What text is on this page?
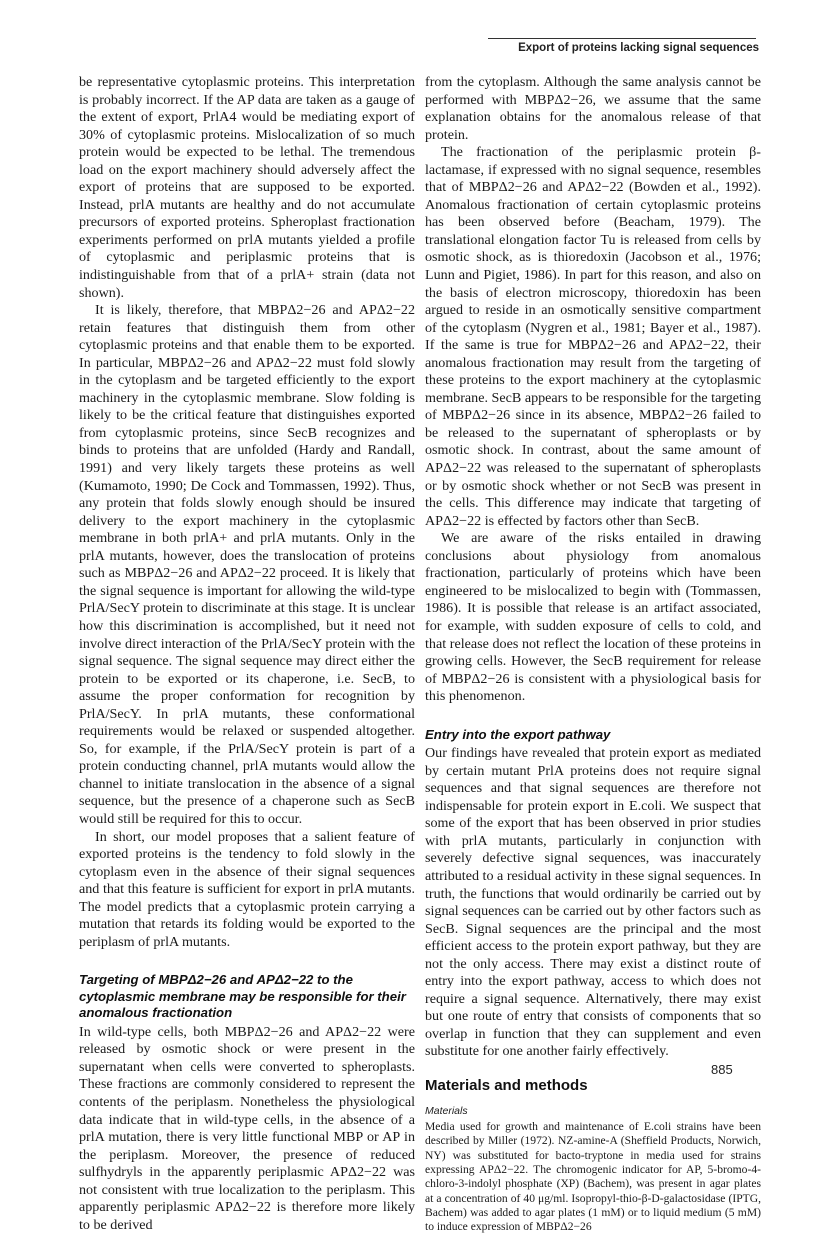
Export of proteins lacking signal sequences

be representative cytoplasmic proteins. This interpretation is probably incorrect. If the AP data are taken as a gauge of the extent of export, PrlA4 would be mediating export of 30% of cytoplasmic proteins. Mislocalization of so much protein would be expected to be lethal. The tremendous load on the export machinery should adversely affect the export of proteins that are supposed to be exported. Instead, prlA mutants are healthy and do not accumulate precursors of exported proteins. Spheroplast fractionation experiments performed on prlA mutants yielded a profile of cytoplasmic and periplasmic proteins that is indistinguishable from that of a prlA+ strain (data not shown).

It is likely, therefore, that MBPΔ2−26 and APΔ2−22 retain features that distinguish them from other cytoplasmic proteins and that enable them to be exported. In particular, MBPΔ2−26 and APΔ2−22 must fold slowly in the cytoplasm and be targeted efficiently to the export machinery in the cytoplasmic membrane. Slow folding is likely to be the critical feature that distinguishes exported from cytoplasmic proteins, since SecB recognizes and binds to proteins that are unfolded (Hardy and Randall, 1991) and very likely targets these proteins as well (Kumamoto, 1990; De Cock and Tommassen, 1992). Thus, any protein that folds slowly enough should be insured delivery to the export machinery in the cytoplasmic membrane in both prlA+ and prlA mutants. Only in the prlA mutants, however, does the translocation of proteins such as MBPΔ2−26 and APΔ2−22 proceed. It is likely that the signal sequence is important for allowing the wild-type PrlA/SecY protein to discriminate at this stage. It is unclear how this discrimination is accomplished, but it need not involve direct interaction of the PrlA/SecY protein with the signal sequence. The signal sequence may direct either the protein to be exported or its chaperone, i.e. SecB, to assume the proper conformation for recognition by PrlA/SecY. In prlA mutants, these conformational requirements would be relaxed or suspended altogether. So, for example, if the PrlA/SecY protein is part of a protein conducting channel, prlA mutants would allow the channel to initiate translocation in the absence of a signal sequence, but the presence of a chaperone such as SecB would still be required for this to occur.

In short, our model proposes that a salient feature of exported proteins is the tendency to fold slowly in the cytoplasm even in the absence of their signal sequences and that this feature is sufficient for export in prlA mutants. The model predicts that a cytoplasmic protein carrying a mutation that retards its folding would be exported to the periplasm of prlA mutants.

Targeting of MBPΔ2−26 and APΔ2−22 to the cytoplasmic membrane may be responsible for their anomalous fractionation

In wild-type cells, both MBPΔ2−26 and APΔ2−22 were released by osmotic shock or were present in the supernatant when cells were converted to spheroplasts. These fractions are commonly considered to represent the contents of the periplasm. Nonetheless the physiological data indicate that in wild-type cells, in the absence of a prlA mutation, there is very little functional MBP or AP in the periplasm. Moreover, the presence of reduced sulfhydryls in the apparently periplasmic APΔ2−22 was not consistent with true localization to the periplasm. This apparently periplasmic APΔ2−22 is therefore more likely to be derived

from the cytoplasm. Although the same analysis cannot be performed with MBPΔ2−26, we assume that the same explanation obtains for the anomalous release of that protein.

The fractionation of the periplasmic protein β-lactamase, if expressed with no signal sequence, resembles that of MBPΔ2−26 and APΔ2−22 (Bowden et al., 1992). Anomalous fractionation of certain cytoplasmic proteins has been observed before (Beacham, 1979). The translational elongation factor Tu is released from cells by osmotic shock, as is thioredoxin (Jacobson et al., 1976; Lunn and Pigiet, 1986). In part for this reason, and also on the basis of electron microscopy, thioredoxin has been argued to reside in an osmotically sensitive compartment of the cytoplasm (Nygren et al., 1981; Bayer et al., 1987). If the same is true for MBPΔ2−26 and APΔ2−22, their anomalous fractionation may result from the targeting of these proteins to the export machinery at the cytoplasmic membrane. SecB appears to be responsible for the targeting of MBPΔ2−26 since in its absence, MBPΔ2−26 failed to be released to the supernatant of spheroplasts or by osmotic shock. In contrast, about the same amount of APΔ2−22 was released to the supernatant of spheroplasts or by osmotic shock whether or not SecB was present in the cells. This difference may indicate that targeting of APΔ2−22 is effected by factors other than SecB.

We are aware of the risks entailed in drawing conclusions about physiology from anomalous fractionation, particularly of proteins which have been engineered to be mislocalized to begin with (Tommassen, 1986). It is possible that release is an artifact associated, for example, with sudden exposure of cells to cold, and that release does not reflect the location of these proteins in growing cells. However, the SecB requirement for release of MBPΔ2−26 is consistent with a physiological basis for this phenomenon.

Entry into the export pathway

Our findings have revealed that protein export as mediated by certain mutant PrlA proteins does not require signal sequences and that signal sequences are therefore not indispensable for protein export in E.coli. We suspect that some of the export that has been observed in prior studies with prlA mutants, particularly in conjunction with severely defective signal sequences, was inaccurately attributed to a residual activity in these signal sequences. In truth, the functions that would ordinarily be carried out by signal sequences can be carried out by other factors such as SecB. Signal sequences are the principal and the most efficient access to the protein export pathway, but they are not the only access. There may exist a distinct route of entry into the export pathway, access to which does not require a signal sequence. Alternatively, there may exist but one route of entry that consists of components that so overlap in function that they can supplement and even substitute for one another fairly effectively.

Materials and methods
Materials

Media used for growth and maintenance of E.coli strains have been described by Miller (1972). NZ-amine-A (Sheffield Products, Norwich, NY) was substituted for bacto-tryptone in media used for strains expressing APΔ2−22. The chromogenic indicator for AP, 5-bromo-4-chloro-3-indolyl phosphate (XP) (Bachem), was present in agar plates at a concentration of 40 μg/ml. Isopropyl-thio-β-D-galactosidase (IPTG, Bachem) was added to agar plates (1 mM) or to liquid medium (5 mM) to induce expression of MBPΔ2−26

885
